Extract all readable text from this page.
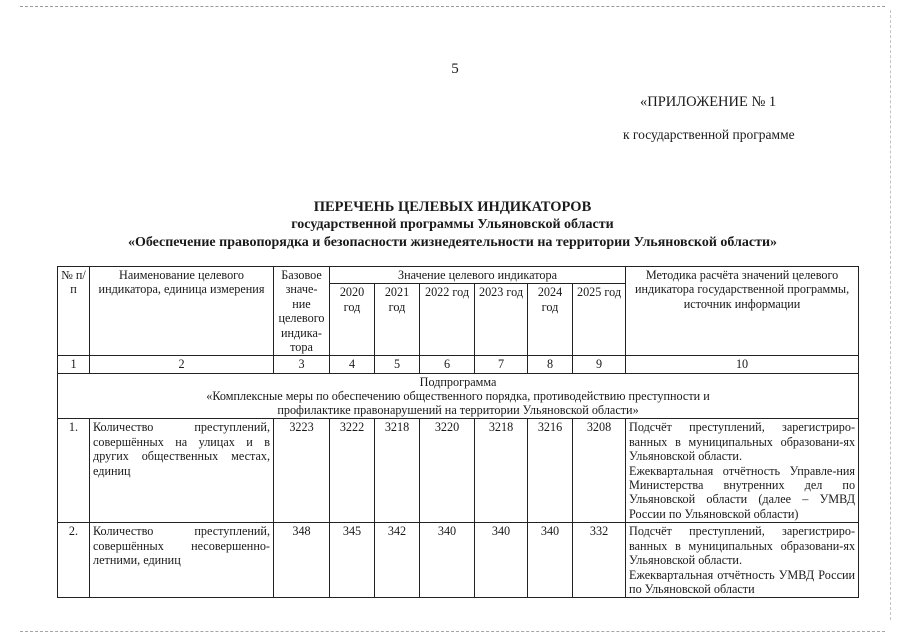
5
«ПРИЛОЖЕНИЕ № 1
к государственной программе
ПЕРЕЧЕНЬ ЦЕЛЕВЫХ ИНДИКАТОРОВ
государственной программы Ульяновской области
«Обеспечение правопорядка и безопасности жизнедеятельности на территории Ульяновской области»
№ п/п	Наименование целевого индикатора, единица измерения	Базовое значе-ние целевого индика-тора	Значение целевого индикатора						Методика расчёта значений целевого индикатора государственной программы, источник информации
			2020 год	2021 год	2022 год	2023 год	2024 год	2025 год	
1	2	3	4	5	6	7	8	9	10

Подпрограмма
«Комплексные меры по обеспечению общественного порядка, противодействию преступности и профилактике правонарушений на территории Ульяновской области»									

1.	Количество преступлений, совершённых на улицах и в других общественных местах, единиц	3223	3222	3218	3220	3218	3216	3208	Подсчёт преступлений, зарегистриро-ванных в муниципальных образовани-ях Ульяновской области.

Ежеквартальная отчётность Управле-ния Министерства внутренних дел по Ульяновской области (далее – УМВД России по Ульяновской области)

2.	Количество преступлений, совершённых несовершенно-летними, единиц	348	345	342	340	340	340	332	Подсчёт преступлений, зарегистриро-ванных в муниципальных образовани-ях Ульяновской области.

Ежеквартальная отчётность УМВД России по Ульяновской области
